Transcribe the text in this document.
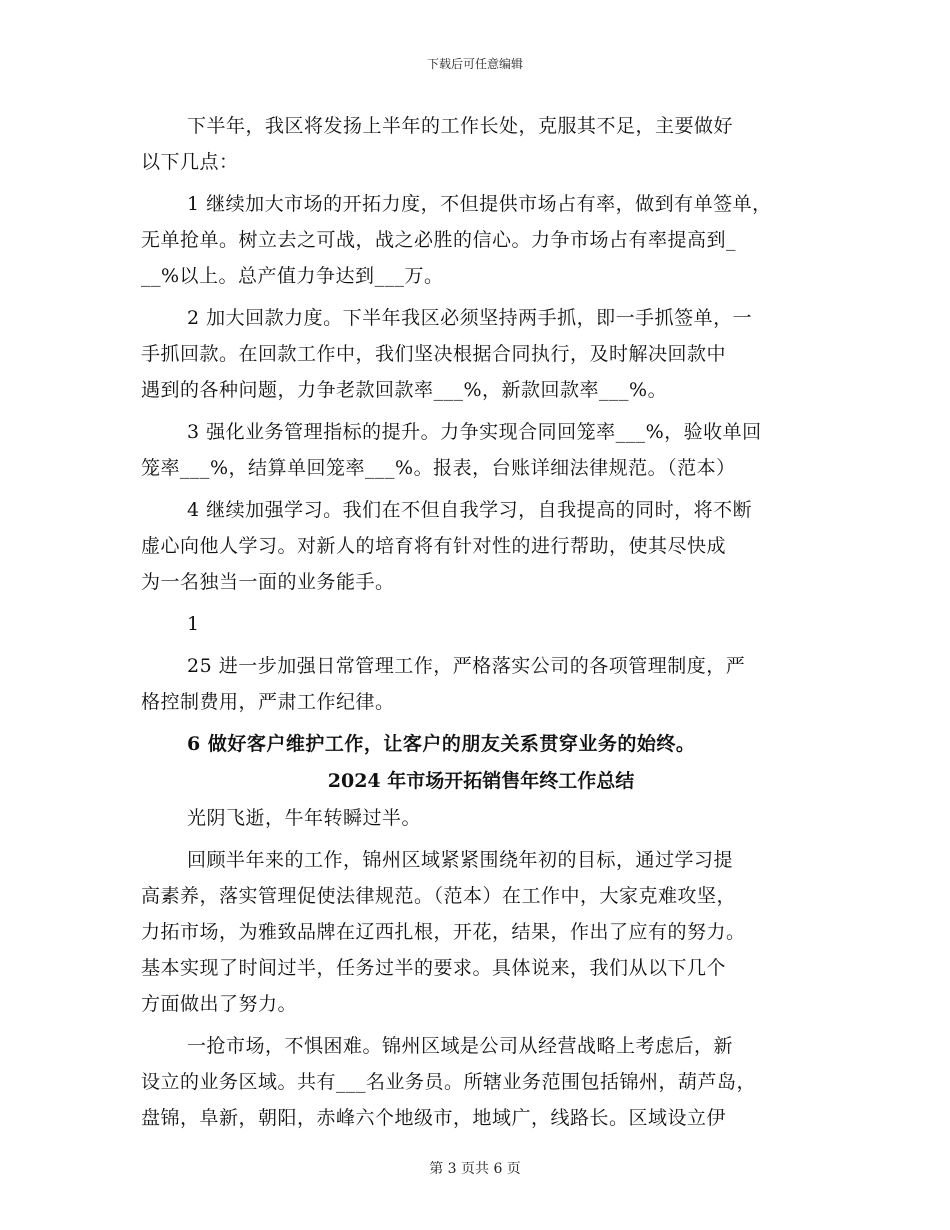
下载后可任意编辑
下半年，我区将发扬上半年的工作长处，克服其不足，主要做好
以下几点：
1 继续加大市场的开拓力度，不但提供市场占有率，做到有单签单，
无单抢单。树立去之可战，战之必胜的信心。力争市场占有率提高到_
__%以上。总产值力争达到___万。
2 加大回款力度。下半年我区必须坚持两手抓，即一手抓签单，一
手抓回款。在回款工作中，我们坚决根据合同执行，及时解决回款中
遇到的各种问题，力争老款回款率___%，新款回款率___%。
3 强化业务管理指标的提升。力争实现合同回笼率___%，验收单回
笼率___%，结算单回笼率___%。报表，台账详细法律规范。（范本）
4 继续加强学习。我们在不但自我学习，自我提高的同时，将不断
虚心向他人学习。对新人的培育将有针对性的进行帮助，使其尽快成
为一名独当一面的业务能手。
1
25 进一步加强日常管理工作，严格落实公司的各项管理制度，严
格控制费用，严肃工作纪律。
6 做好客户维护工作，让客户的朋友关系贯穿业务的始终。
2024 年市场开拓销售年终工作总结
光阴飞逝，牛年转瞬过半。
回顾半年来的工作，锦州区域紧紧围绕年初的目标，通过学习提
高素养，落实管理促使法律规范。（范本）在工作中，大家克难攻坚，
力拓市场，为雅致品牌在辽西扎根，开花，结果，作出了应有的努力。
基本实现了时间过半，任务过半的要求。具体说来，我们从以下几个
方面做出了努力。
一抢市场，不惧困难。锦州区域是公司从经营战略上考虑后，新
设立的业务区域。共有___名业务员。所辖业务范围包括锦州，葫芦岛，
盘锦，阜新，朝阳，赤峰六个地级市，地域广，线路长。区域设立伊
第 3 页共 6 页
